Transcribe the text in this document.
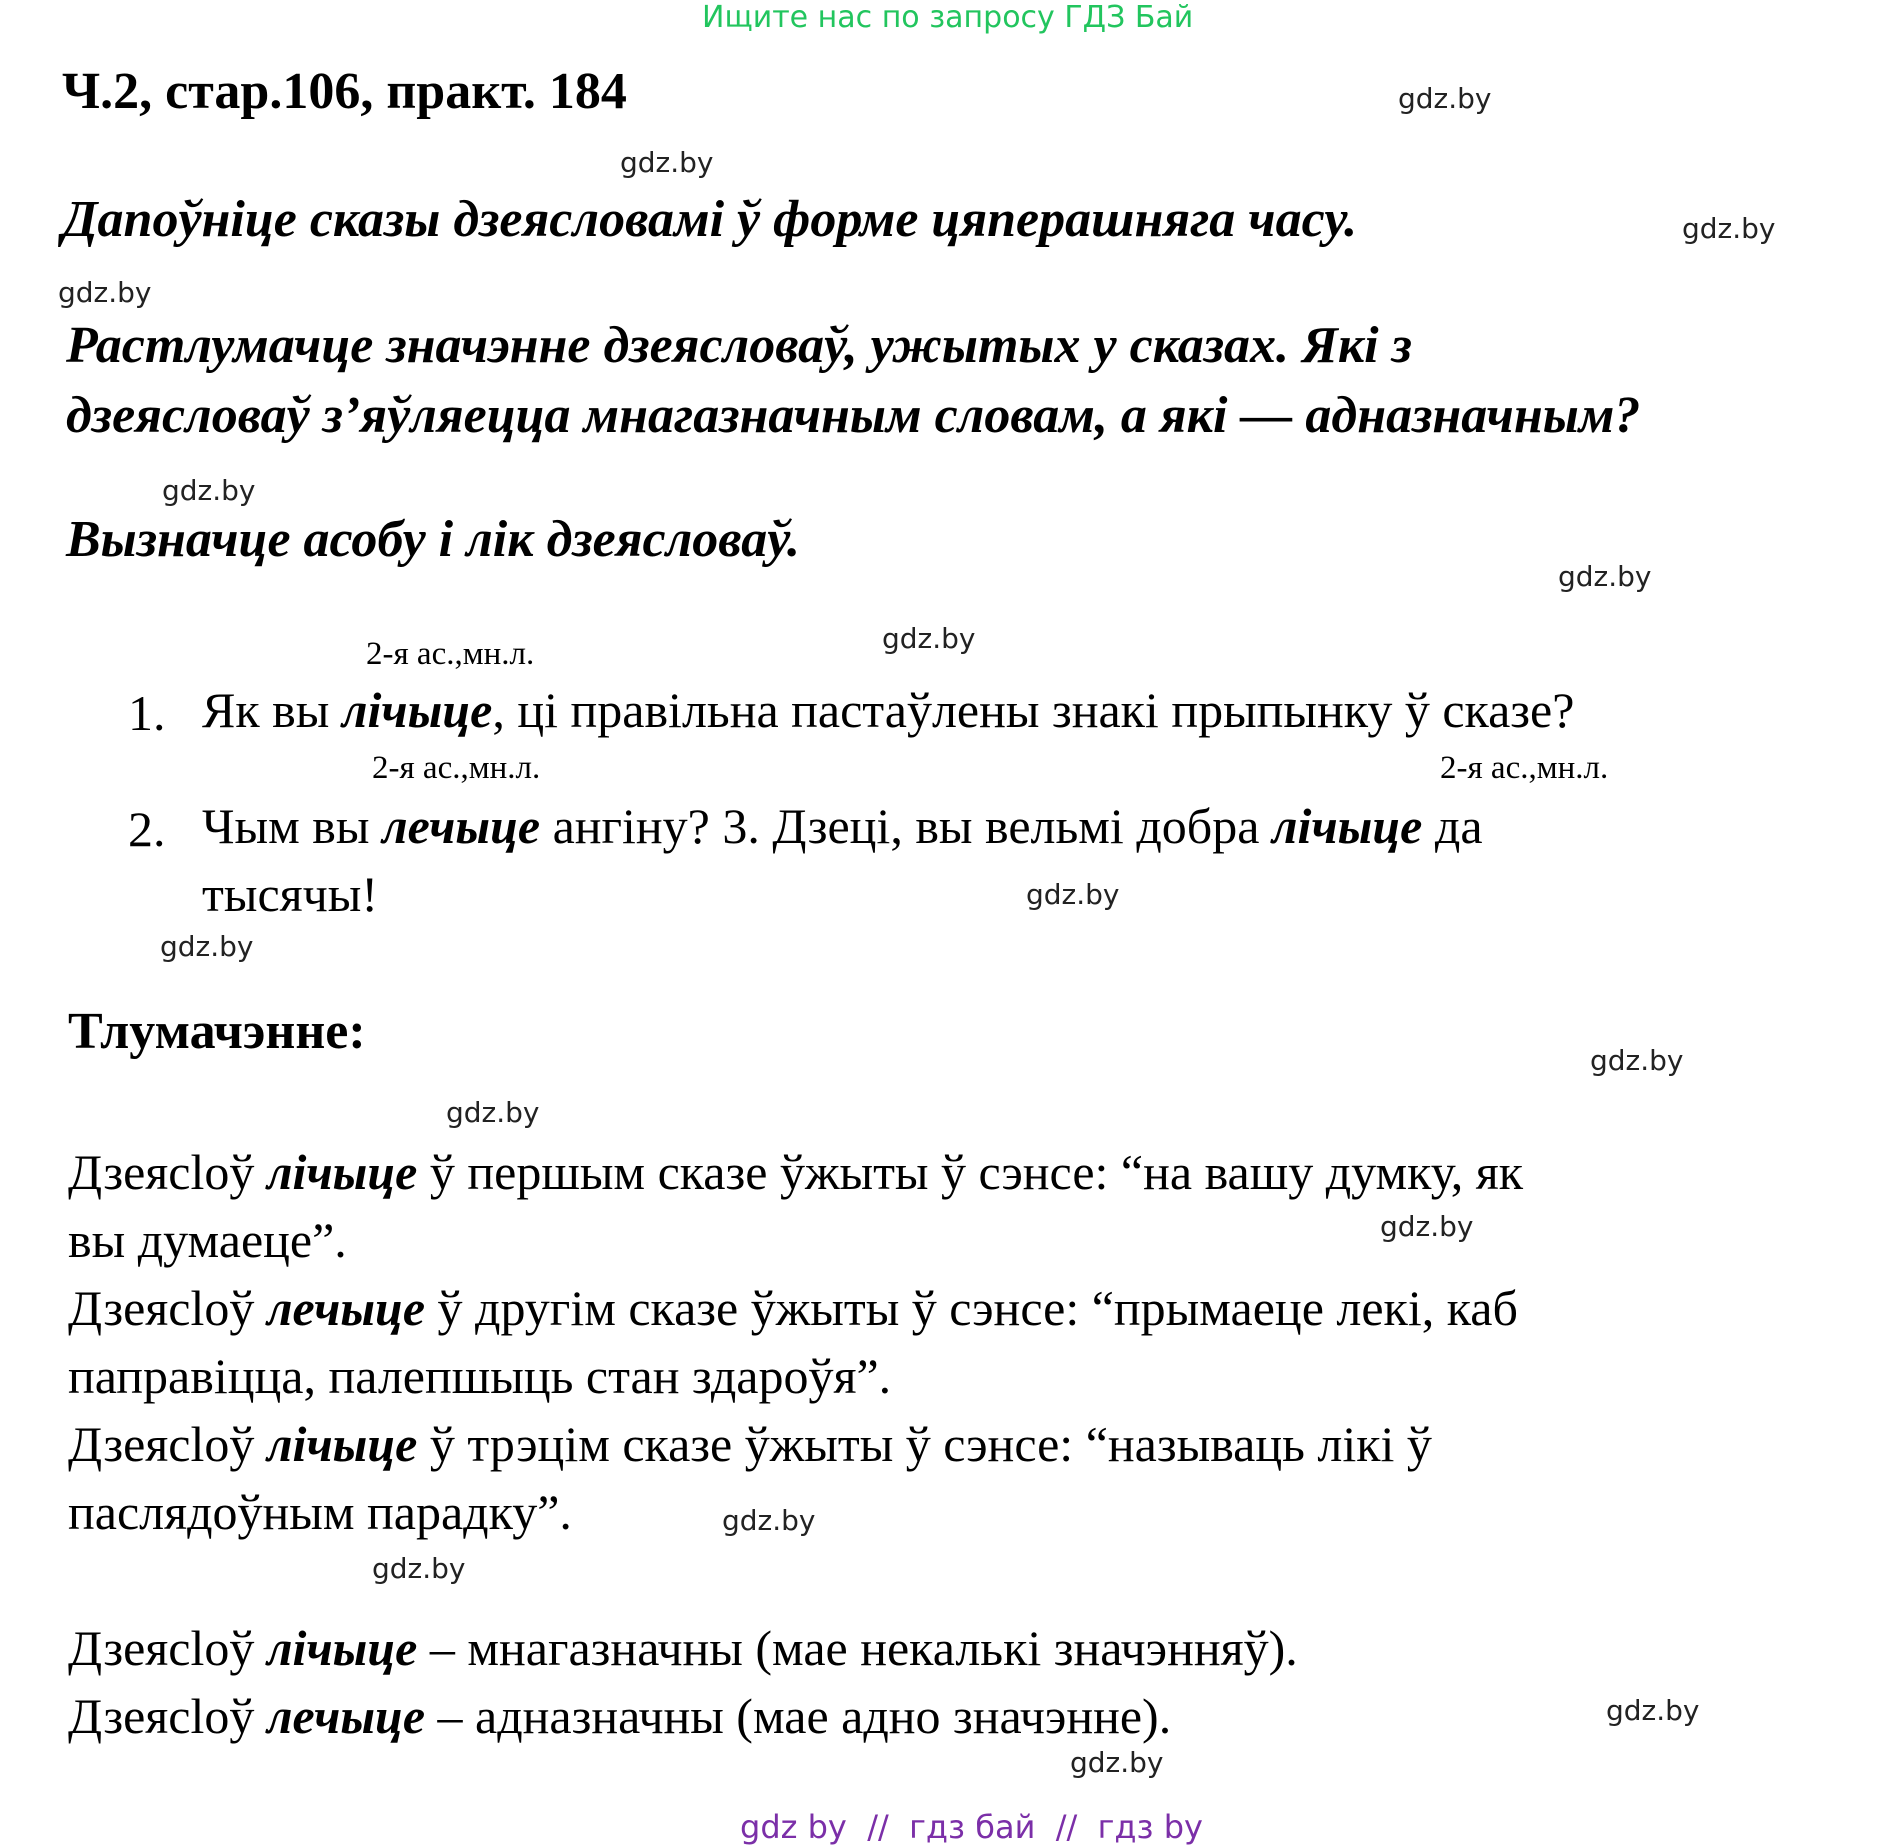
Ищите нас по запросу ГДЗ Бай
Ч.2, стар.106, практ. 184
Дапоўніце сказы дзеясловамі ў форме цяперашняга часу.
Растлумачце значэнне дзеясловаў, ужытых у сказах. Які з
дзеясловаў з’яўляецца мнагазначным словам, а які — адназначным?
Вызначце асобу і лік дзеясловаў.
2-я ас.,мн.л.
2-я ас.,мн.л.	2-я ас.,мн.л.
1. Як вы лічыце, ці правільна пастаўлены знакі прыпынку ў сказе?
2. Чым вы лечыце ангіну? 3. Дзеці, вы вельмі добра лічыце да
тысячы!
Тлумачэнне:
Дзеясloў лічыце ў першым сказе ўжыты ў сэнсе: “на вашу думку, як
вы думаеце”.
Дзеясloў лечыце ў другім сказе ўжыты ў сэнсе: “прымаеце лекі, каб
паправіцца, палепшыць стан здароўя”.
Дзеясloў лічыце ў трэцім сказе ўжыты ў сэнсе: “называць лікі ў
паслядоўным парадку”.
Дзеясloў лічыце – мнагазначны (мае некалькі значэнняў).
Дзеясloў лечыце – адназначны (мае адно значэнне).
gdz.by
gdz.by
gdz.by
gdz.by
gdz.by
gdz.by
gdz.by
gdz.by
gdz.by
gdz.by
gdz.by
gdz.by
gdz.by
gdz.by
gdz.by
gdz.by
gdz by  //  гдз бай  //  гдз by
